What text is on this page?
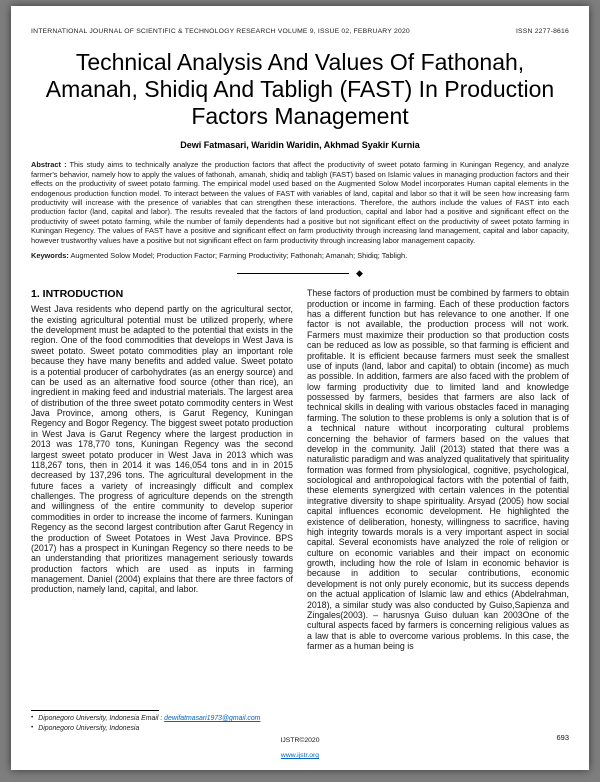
INTERNATIONAL JOURNAL OF SCIENTIFIC & TECHNOLOGY RESEARCH VOLUME 9, ISSUE 02, FEBRUARY 2020	ISSN 2277-8616
Technical Analysis And Values Of Fathonah, Amanah, Shidiq And Tabligh (FAST) In Production Factors Management
Dewi Fatmasari, Waridin Waridin, Akhmad Syakir Kurnia

Abstract : This study aims to technically analyze the production factors that affect the productivity of sweet potato farming in Kuningan Regency, and analyze farmer's behavior, namely how to apply the values of fathonah, amanah, shidiq and tabligh (FAST) based on Islamic values in managing production factors and their effects on the productivity of sweet potato farming. The empirical model used based on the Augmented Solow Model incorporates Human capital elements in the endogenous production function model. To interact between the values of FAST with variables of land, capital and labor so that it will be seen how increasing farm productivity will increase with the presence of variables that can strengthen these interactions. Therefore, the authors include the values of FAST into each production factor (land, capital and labor). The results revealed that the factors of land production, capital and labor had a positive and significant effect on the productivity of sweet potato farming, while the number of family dependents had a positive but not significant effect on the productivity of sweet potato farming in Kuningan Regency. The values of FAST have a positive and significant effect on farm productivity through increasing land management, capital and labor capacity, however trustworthy values have a positive but not significant effect on farm productivity through increasing labor management capacity.

Keywords: Augmented Solow Model; Production Factor; Farming Productivity; Fathonah; Amanah; Shidiq; Tabligh.

◆
1. INTRODUCTION

West Java residents who depend partly on the agricultural sector, the existing agricultural potential must be utilized properly, where the development must be adapted to the potential that exists in the region. One of the food commodities that develops in West Java is sweet potato. Sweet potato commodities play an important role because they have many benefits and added value. Sweet potato is a potential producer of carbohydrates (as an energy source) and can be used as an alternative food source (other than rice), an ingredient in making feed and industrial materials. The largest area of distribution of the three sweet potato commodity centers in West Java Province, among others, is Garut Regency, Kuningan Regency and Bogor Regency. The biggest sweet potato production in West Java is Garut Regency where the largest production in 2013 was 178,770 tons, Kuningan Regency was the second largest sweet potato producer in West Java in 2013 which was 118,267 tons, then in 2014 it was 146,054 tons and in in 2015 decreased by 137,296 tons. The agricultural development in the future faces a variety of increasingly difficult and complex challenges. The progress of agriculture depends on the strength and willingness of the entire community to develop superior commodities in order to increase the income of farmers. Kuningan Regency as the second largest contribution after Garut Regency in the production of Sweet Potatoes in West Java Province. BPS (2017) has a prospect in Kuningan Regency so there needs to be an understanding that prioritizes management seriously towards production factors which are used as inputs in farming management. Daniel (2004) explains that there are three factors of production, namely land, capital, and labor.

• Diponegoro University, Indonesia Email : dewifatmasari1973@gmail.com
• Diponegoro University, Indonesia

These factors of production must be combined by farmers to obtain production or income in farming. Each of these production factors has a different function but has relevance to one another. If one factor is not available, the production process will not work. Farmers must maximize their production so that production costs can be reduced as low as possible, so that farming is efficient and profitable. It is efficient because farmers must seek the smallest use of inputs (land, labor and capital) to obtain (income) as much as possible. In addition, farmers are also faced with the problem of low farming productivity due to limited land and knowledge possessed by farmers, besides that farmers are also lack of technical skills in dealing with various obstacles faced in managing farming. The solution to these problems is only a solution that is of a technical nature without incorporating cultural problems concerning the behavior of farmers based on the values that develop in the community. Jalil (2013) stated that there was a naturalistic paradigm and was analyzed qualitatively that spirituality formation was formed from physiological, cognitive, psychological, sociological and anthropological factors with the potential of faith, these elements synergized with certain valences in the potential integrative diversity to shape spirituality. Arsyad (2005) how social capital influences economic development. He highlighted the existence of deliberation, honesty, willingness to sacrifice, having high integrity towards morals is a very important aspect in social capital. Several economists have analyzed the role of religion or culture on economic variables and their impact on economic growth, including how the role of Islam in economic behavior is because in addition to secular contributions, economic development is not only purely economic, but its success depends on the actual application of Islamic law and ethics (Abdelrahman, 2018), a similar study was also conducted by Guiso,Sapienza and Zingales(2003). – harusnya Guiso duluan kan 2003One of the cultural aspects faced by farmers is concerning religious values as a law that is able to overcome various problems. In this case, the farmer as a human being is

693
IJSTR©2020
www.ijstr.org
